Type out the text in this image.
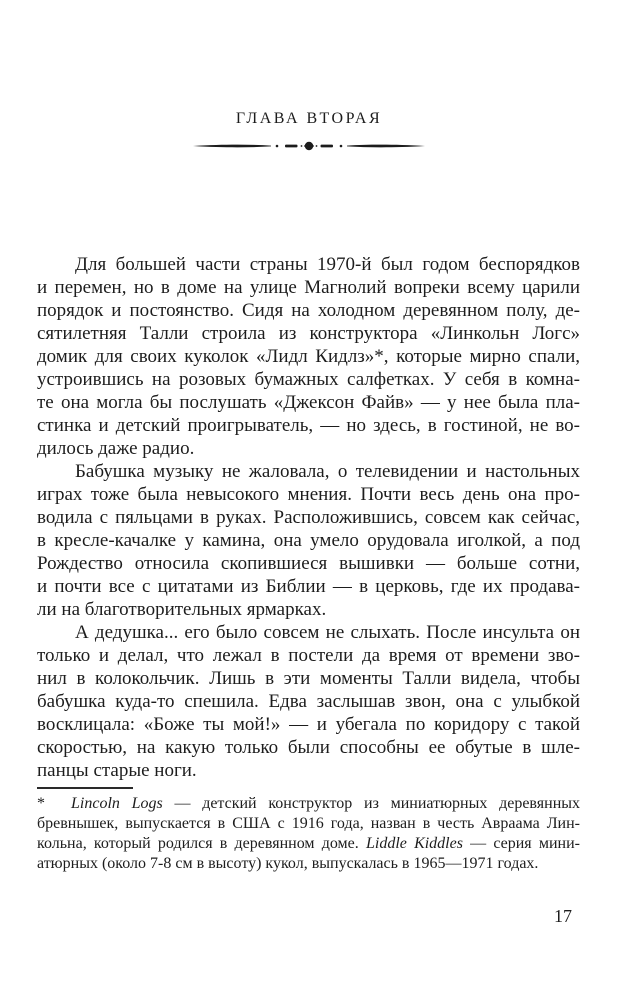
ГЛАВА ВТОРАЯ
Для большей части страны 1970-й был годом беспорядков
и перемен, но в доме на улице Магнолий вопреки всему царили
порядок и постоянство. Сидя на холодном деревянном полу, де-
сятилетняя Талли строила из конструктора «Линкольн Логс»
домик для своих куколок «Лидл Кидлз»*, которые мирно спали,
устроившись на розовых бумажных салфетках. У себя в комна-
те она могла бы послушать «Джексон Файв» — у нее была пла-
стинка и детский проигрыватель, — но здесь, в гостиной, не во-
дилось даже радио.
Бабушка музыку не жаловала, о телевидении и настольных
играх тоже была невысокого мнения. Почти весь день она про-
водила с пяльцами в руках. Расположившись, совсем как сейчас,
в кресле-качалке у камина, она умело орудовала иголкой, а под
Рождество относила скопившиеся вышивки — больше сотни,
и почти все с цитатами из Библии — в церковь, где их продава-
ли на благотворительных ярмарках.
А дедушка... его было совсем не слыхать. После инсульта он
только и делал, что лежал в постели да время от времени зво-
нил в колокольчик. Лишь в эти моменты Талли видела, чтобы
бабушка куда-то спешила. Едва заслышав звон, она с улыбкой
восклицала: «Боже ты мой!» — и убегала по коридору с такой
скоростью, на какую только были способны ее обутые в шле-
панцы старые ноги.
* Lincoln Logs — детский конструктор из миниатюрных деревянных
бревнышек, выпускается в США с 1916 года, назван в честь Авраама Лин-
кольна, который родился в деревянном доме. Liddle Kiddles — серия мини-
атюрных (около 7-8 см в высоту) кукол, выпускалась в 1965—1971 годах.
17
